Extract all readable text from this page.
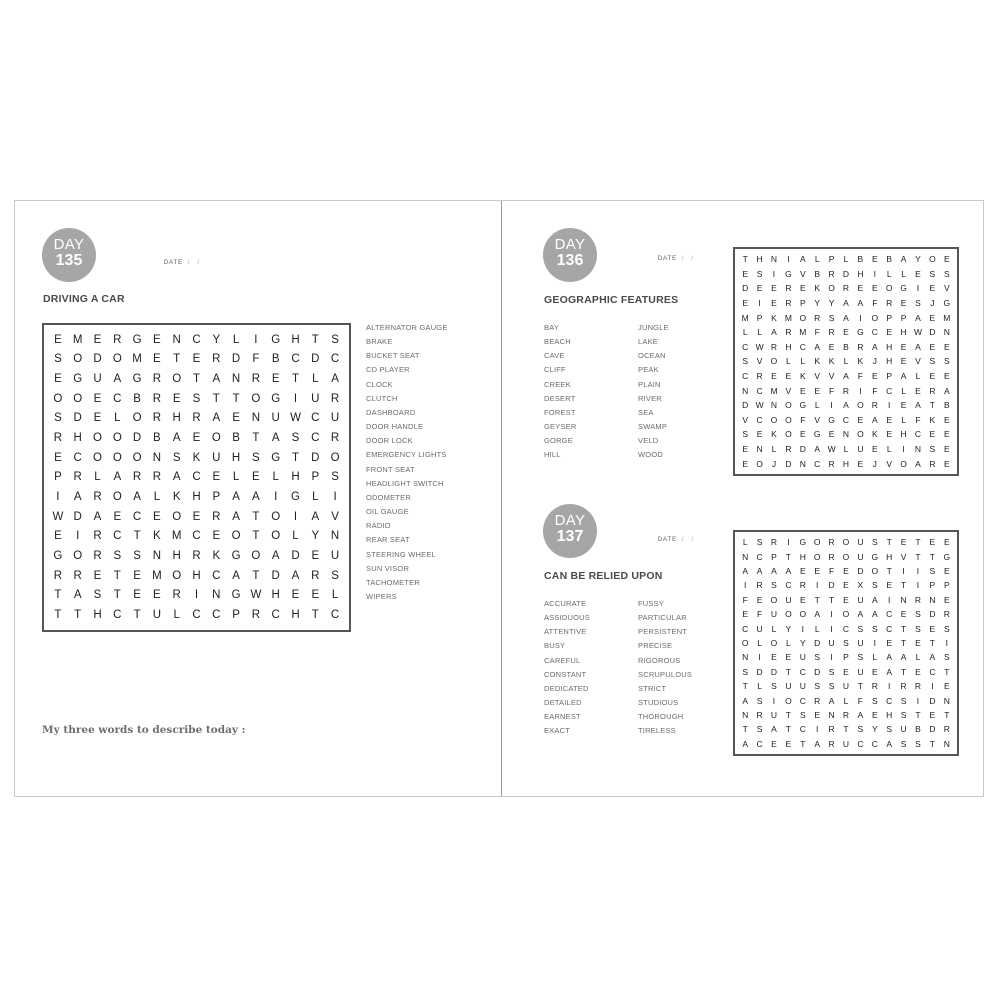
DAY
135	DATE  /   /

DRIVING A CAR
E M E	R G E	N C	Y	L	I	G H	T	S
S O D O M E	T	E	R D	F	B	C D C
E G U	A G R O	T	A	N	R	E	T	L	A
O O E	C	B	R	E	S	T	T	O G	I	U R
S	D	E	L	O R H R	A	E	N U W C U
R H O O D	B	A	E O B	T	A	S	C R
E	C O O O N	S	K	U H	S	G	T	D O
P	R	L	A	R	R	A	C	E	L	E	L	H	P	S
I	A	R O A	L	K	H	P	A	A	I	G	L	I
W D	A	E	C	E	O E	R	A	T	O	I	A	V
E	I	R C	T	K M C	E O	T	O	L	Y	N
G O R	S	S	N H R	K G O	A	D	E	U
R R	E	T	E M O H C	A	T	D	A	R	S
T	A	S	T	E	E	R	I	N G W H	E	E	L
T	T	H C	T	U	L	C C	P	R C H	T	C
ALTERNATOR GAUGE
BRAKE
BUCKET SEAT
CD PLAYER
CLOCK
CLUTCH
DASHBOARD
DOOR HANDLE
DOOR LOCK
EMERGENCY LIGHTS
FRONT SEAT
HEADLIGHT SWITCH
ODOMETER
OIL GAUGE
RADIO
REAR SEAT
STEERING WHEEL
SUN VISOR
TACHOMETER
WIPERS
My three words to describe today :
DAY
136	DATE  /   /

GEOGRAPHIC FEATURES
BAY
BEACH
CAVE
CLIFF
CREEK
DESERT
FOREST
GEYSER
GORGE
HILL
JUNGLE
LAKE
OCEAN
PEAK
PLAIN
RIVER
SEA
SWAMP
VELD
WOOD
T	H N	I	A	L	P	L	B	E	B	A	Y O E
E	S	I	G V	B	R D H	I	L	L	E	S	S
D E	E R	E	K O R E	E O G	I	E	V
E	I	E R	P	Y	Y	A	A	F	R	E	S	J	G
M P	K M O R	S	A	I	O P	P	A	E M
L	L	A R M F	R	E G C E	H W D N
C W R H C A	E	B R	A H	E	A	E	E
S	V O	L	L	K	K	L	K	J	H	E	V	S	S
C R	E	E	K	V	V	A	F	E	P	A	L	E	E
N C M V	E	E	F	R	I	F	C	L	E R	A
D W N O G	L	I	A O R	I	E	A	T	B
V C O O F	V G C E	A	E	L	F	K	E
S	E	K O E G E	N O K	E	H C E	E
E N	L	R D A W L	U	E	L	I	N S	E
E O	J	D N C R H E	J	V O A R	E
DAY
137	DATE  /   /

CAN BE RELIED UPON
ACCURATE
ASSIDUOUS
ATTENTIVE
BUSY
CAREFUL
CONSTANT
DEDICATED
DETAILED
EARNEST
EXACT
FUSSY
PARTICULAR
PERSISTENT
PRECISE
RIGOROUS
SCRUPULOUS
STRICT
STUDIOUS
THOROUGH
TIRELESS
L	S	R	I	G O R O U	S	T	E	T	E	E
N C	P	T	H O R O U G H	V	T	T G
A	A	A	A	E	E	F	E D O T	I	I	S	E
I	R	S C R	I	D	E	X	S	E	T	I	P	P
F	E O U	E	T	T	E U	A	I	N R N	E
E	F	U O O A	I	O A	A C	E	S D R
C U	L	Y	I	L	I	C S	S C	T	S	E	S
O	L	O	L	Y D U	S U	I	E	T	E	T	I
N	I	E	E	U S	I	P	S	L	A	A	L	A	S
S D D	T	C D	S	E U	E	A	T	E C	T
T	L	S U U S	S	U	T	R	I	R R	I	E
A	S	I	O C R	A	L	F	S C	S	I	D N
N R U	T	S	E	N R A	E H	S	T	E	T
T	S	A	T	C	I	R	T	S	Y	S	U	B D R
A C	E	E	T	A	R U C C A	S	S	T	N
